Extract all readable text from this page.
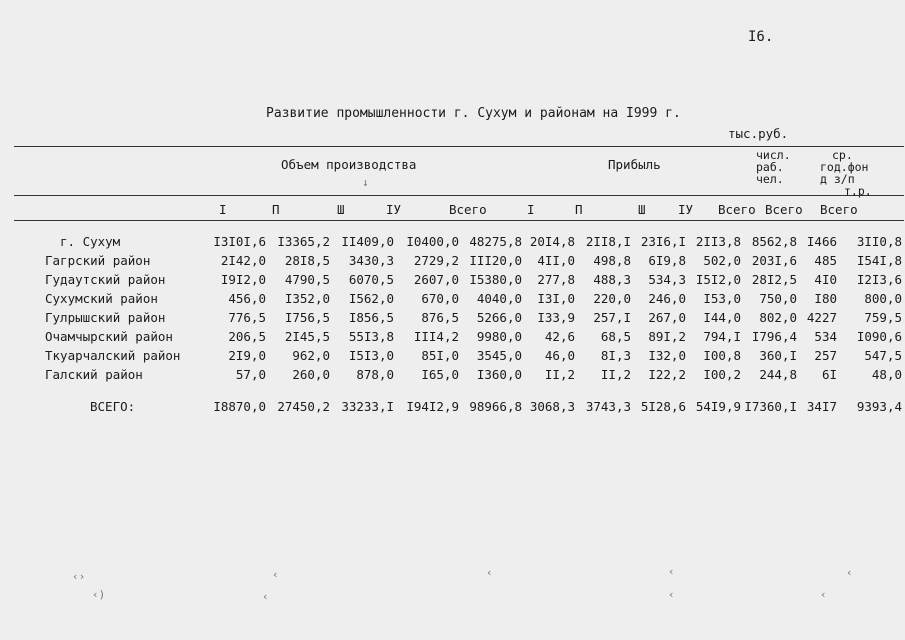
I6.
Развитие промышленности г. Сухум и районам на I999 г.
тыс.руб.
Объем производства
↓
Прибыль
числ.
раб.
чел.
ср.
год.фон
д з/п
т.р.
I	П	Ш	IУ	Всего	I	П	Ш	IУ Всего Всего Всего
г. Сухум	I3I0I,6 I3365,2 II409,0 I0400,0 48275,8 20I4,8 2II8,I 23I6,I 2II3,8 8562,8 I466	3II0,8
Гагрский район	2I42,0	28I8,5	3430,3	2729,2 IIІ20,0	4II,0	498,8	6I9,8	502,0 203I,6	485	I54I,8
Гудаутский район	I9I2,0	4790,5	6070,5	2607,0 I5380,0	277,8	488,3	534,3 I5I2,0 28I2,5	4I0	I2I3,6
Сухумский район	456,0	I352,0	I562,0	670,0	4040,0	I3I,0	220,0	246,0	I53,0	750,0	I80	800,0
Гулрышский район	776,5	I756,5	I856,5	876,5	5266,0	I33,9	257,I	267,0	I44,0	802,0 4227	759,5
Очамчырский район	206,5	2I45,5	55I3,8	IIІ4,2	9980,0	42,6	68,5	89I,2	794,I I796,4	534	I090,6
Ткуарчалский район	2I9,0	962,0	I5I3,0	85I,0	3545,0	46,0	8I,3	I32,0	I00,8	360,I	257	547,5
Галский район	57,0	260,0	878,0	I65,0	I360,0	II,2	II,2	I22,2	I00,2	244,8	6I	48,0
ВСЕГО:	I8870,0 27450,2 33233,I I94I2,9 98966,8 3068,3 3743,3 5I28,6 54I9,9 I7360,I 34I7	9393,4
‹›
‹)
‹
‹
‹	‹
‹
‹
‹
